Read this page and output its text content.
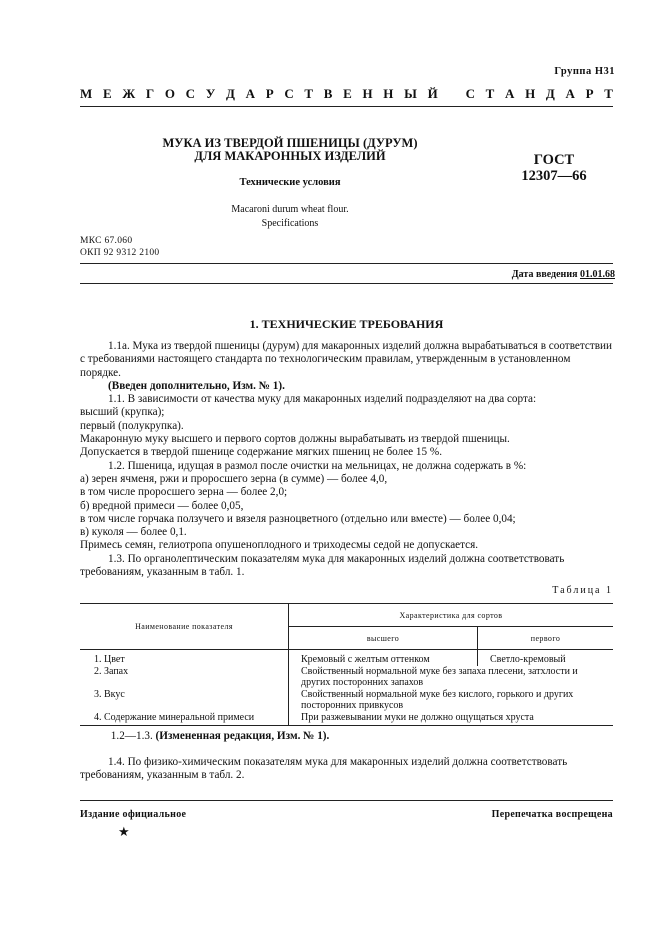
Группа Н31
М Е Ж Г О С У Д А Р С Т В Е Н Н Ы Й
С Т А Н Д А Р Т
МУКА ИЗ ТВЕРДОЙ ПШЕНИЦЫ (ДУРУМ)
ДЛЯ МАКАРОННЫХ ИЗДЕЛИЙ	ГОСТ
12307—66
Технические условия
Macaroni durum wheat flour.
Specifications
МКС 67.060
ОКП 92 9312 2100
Дата введения 01.01.68
1. ТЕХНИЧЕСКИЕ ТРЕБОВАНИЯ

1.1а. Мука из твердой пшеницы (дурум) для макаронных изделий должна вырабатываться в соответствии с требованиями настоящего стандарта по технологическим правилам, утвержденным в установленном порядке.

(Введен дополнительно, Изм. № 1).

1.1. В зависимости от качества муку для макаронных изделий подразделяют на два сорта:

высший (крупка);

первый (полукрупка).

Макаронную муку высшего и первого сортов должны вырабатывать из твердой пшеницы.

Допускается в твердой пшенице содержание мягких пшениц не более 15 %.

1.2. Пшеница, идущая в размол после очистки на мельницах, не должна содержать в %:

а) зерен ячменя, ржи и проросшего зерна (в сумме) — более 4,0,

в том числе проросшего зерна — более 2,0;

б) вредной примеси — более 0,05,

в том числе горчака ползучего и вязеля разноцветного (отдельно или вместе) — более 0,04;

в) куколя — более 0,1.

Примесь семян, гелиотропа опушеноплодного и триходесмы седой не допускается.

1.3. По органолептическим показателям мука для макаронных изделий должна соответствовать требованиям, указанным в табл. 1.

Таблица 1
Наименование показателя	Характеристика для сортов	
	высшего	первого
1. Цвет	Кремовый с желтым оттенком	Светло-кремовый
2. Запах	Свойственный нормальной муке без запаха плесени, затхлости и других посторонних запахов	
3. Вкус	Свойственный нормальной муке без кислого, горького и других посторонних привкусов	
4. Содержание минеральной примеси	При разжевывании муки не должно ощущаться хруста	
1.2—1.3. (Измененная редакция, Изм. № 1).

1.4. По физико-химическим показателям мука для макаронных изделий должна соответствовать требованиям, указанным в табл. 2.

Издание официальное	Перепечатка воспрещена
★
